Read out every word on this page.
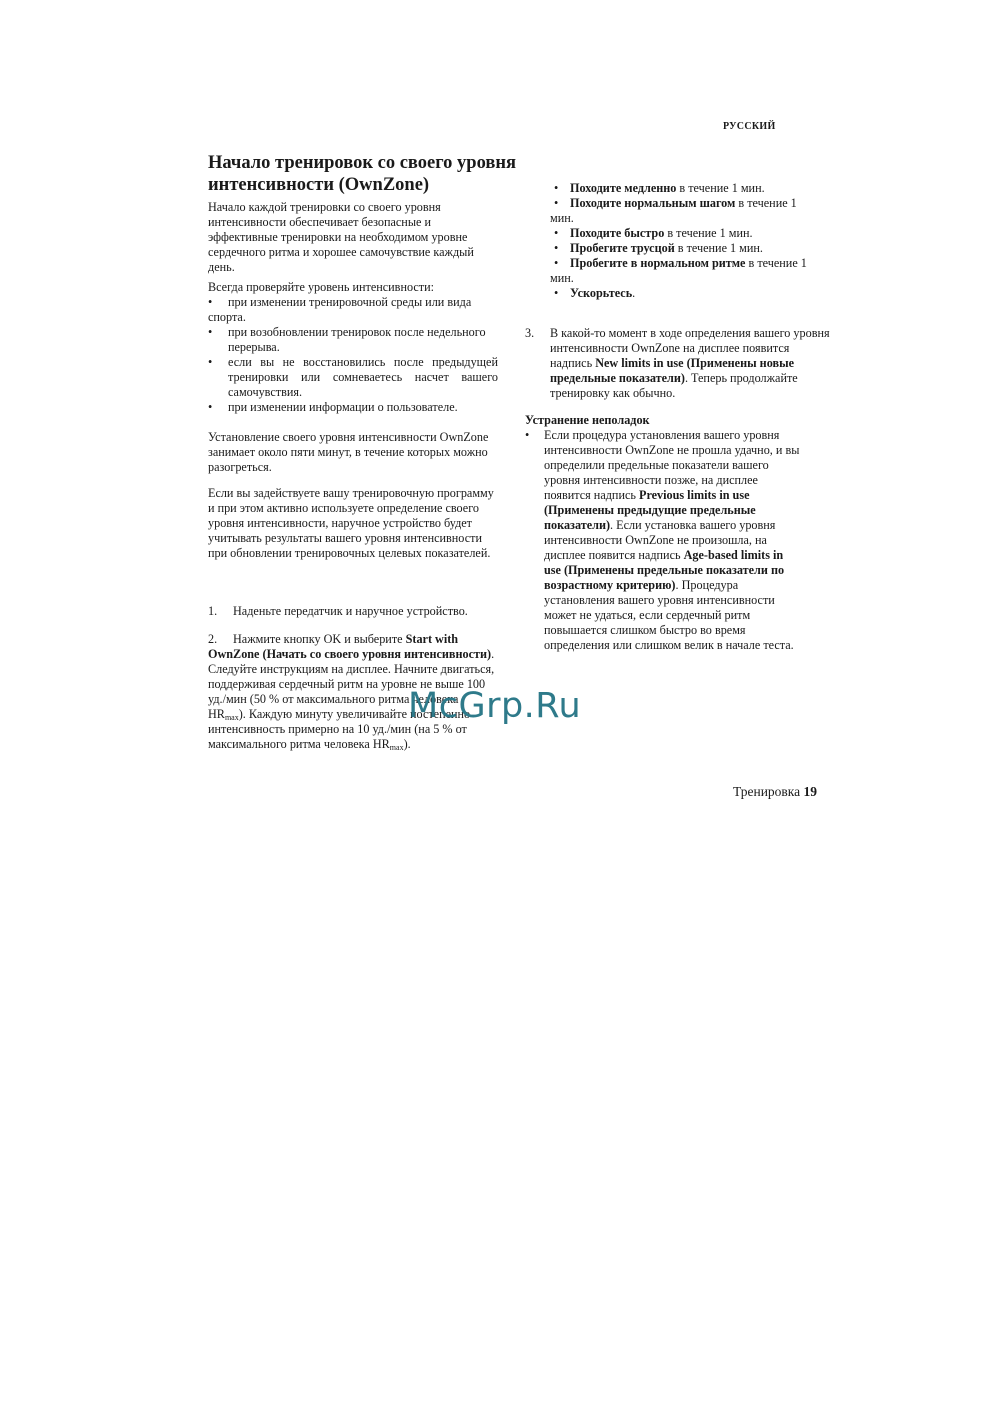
РУССКИЙ
Начало тренировок со своего уровня интенсивности (OwnZone)
Начало каждой тренировки со своего уровня интенсивности обеспечивает безопасные и эффективные тренировки на необходимом уровне сердечного ритма и хорошее самочувствие каждый день.
Всегда проверяйте уровень интенсивности:

• при изменении тренировочной среды или вида спорта.

• при возобновлении тренировок после недельного перерыва.

• если вы не восстановились после предыдущей тренировки или сомневаетесь насчет вашего самочувствия.

• при изменении информации о пользователе.

Установление своего уровня интенсивности OwnZone занимает около пяти минут, в течение которых можно разогреться.
Если вы задействуете вашу тренировочную программу и при этом активно используете определение своего уровня интенсивности, наручное устройство будет учитывать результаты вашего уровня интенсивности при обновлении тренировочных целевых показателей.
1. Наденьте передатчик и наручное устройство.
2. Нажмите кнопку OK и выберите Start with OwnZone (Начать со своего уровня интенсивности). Следуйте инструкциям на дисплее. Начните двигаться, поддерживая сердечный ритм на уровне не выше 100 уд./мин (50 % от максимального ритма человека $HR_{max}$). Каждую минуту увеличивайте постепенно интенсивность примерно на 10 уд./мин (на 5 % от максимального ритма человека $HR_{max}$).

• Походите медленно в течение 1 мин.

• Походите нормальным шагом в течение 1 мин.

• Походите быстро в течение 1 мин.

• Пробегите трусцой в течение 1 мин.

• Пробегите в нормальном ритме в течение 1 мин.

• Ускорьтесь.

3. В какой-то момент в ходе определения вашего уровня интенсивности OwnZone на дисплее появится надпись New limits in use (Применены новые предельные показатели). Теперь продолжайте тренировку как обычно.
Устранение неполадок

• Если процедура установления вашего уровня интенсивности OwnZone не прошла удачно, и вы определили предельные показатели вашего уровня интенсивности позже, на дисплее появится надпись Previous limits in use (Применены предыдущие предельные показатели). Если установка вашего уровня интенсивности OwnZone не произошла, на дисплее появится надпись Age-based limits in use (Применены предельные показатели по возрастному критерию). Процедура установления вашего уровня интенсивности может не удаться, если сердечный ритм повышается слишком быстро во время определения или слишком велик в начале теста.

McGrp.Ru
Тренировка 19
